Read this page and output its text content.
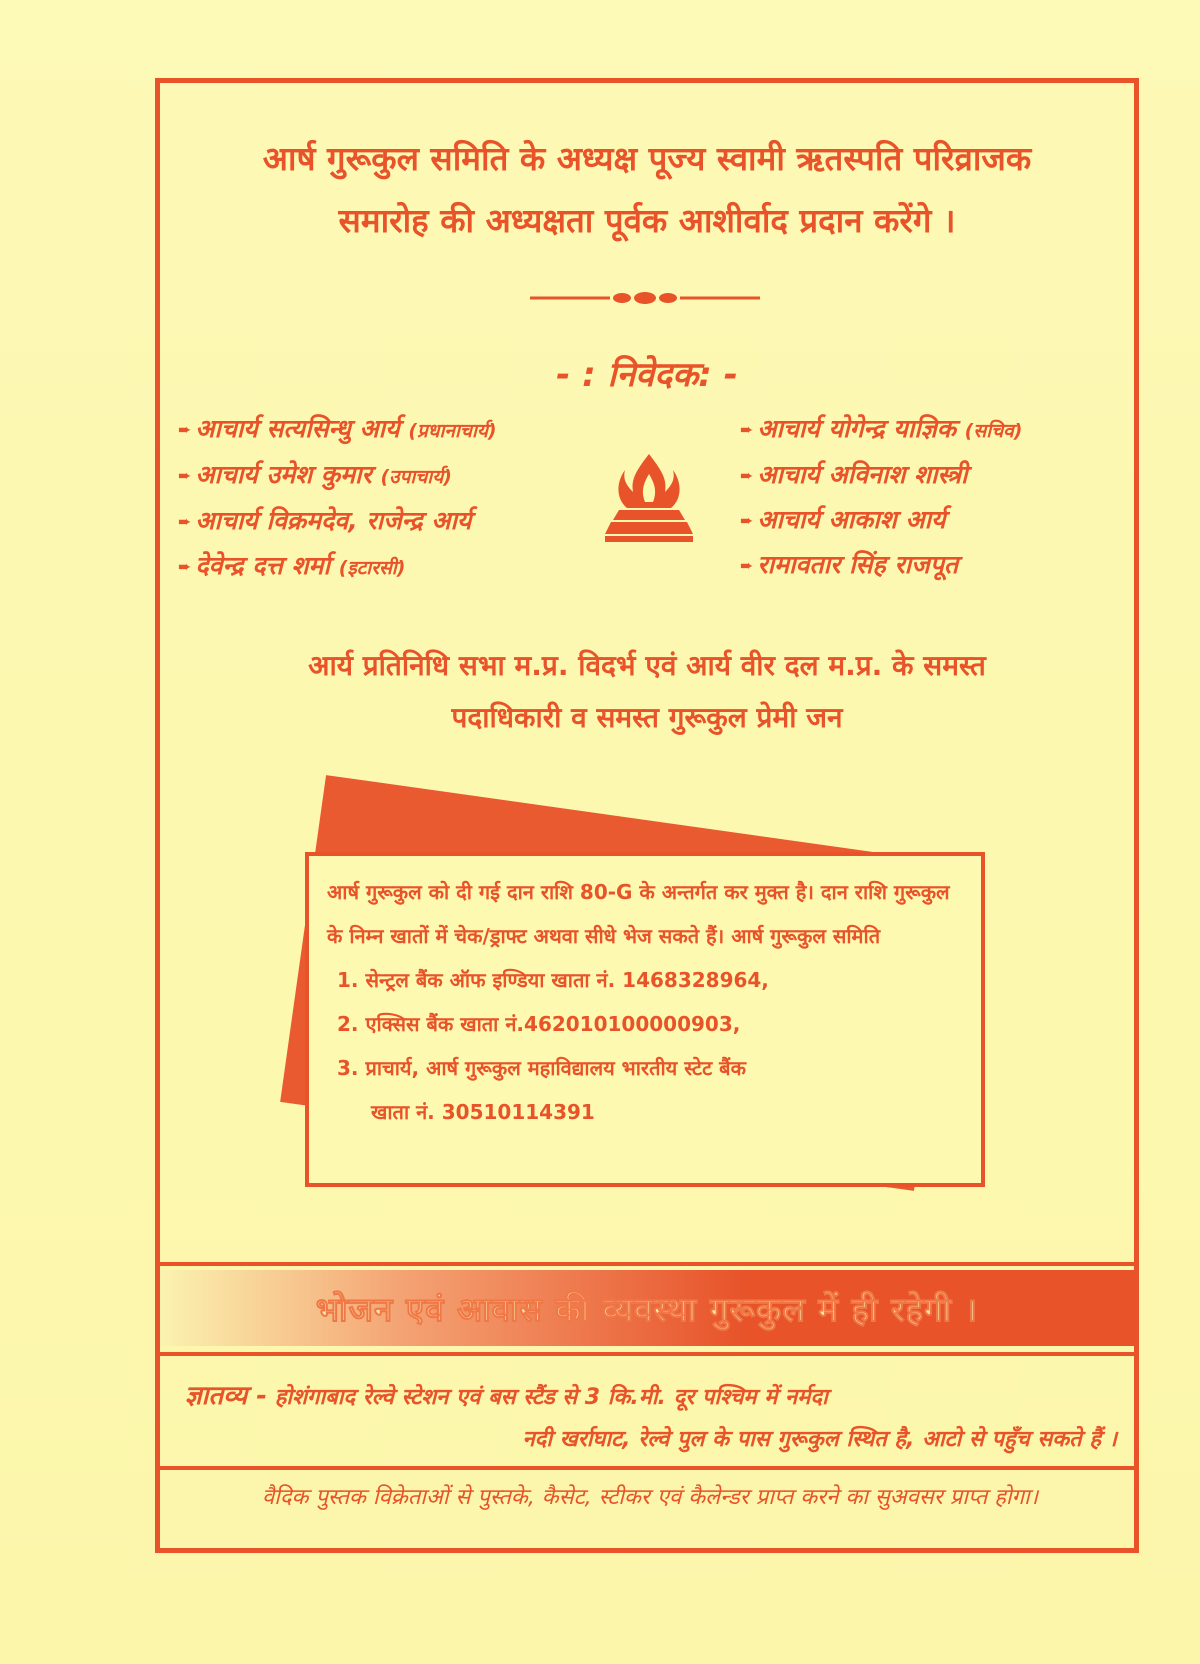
आर्ष गुरूकुल समिति के अध्यक्ष पूज्य स्वामी ऋतस्पति परिव्राजक
समारोह की अध्यक्षता पूर्वक आशीर्वाद प्रदान करेंगे ।
- : निवेदक: -
➨ आचार्य सत्यसिन्धु आर्य (प्रधानाचार्य)
➨ आचार्य उमेश कुमार (उपाचार्य)
➨ आचार्य विक्रमदेव, राजेन्द्र आर्य
➨ देवेन्द्र दत्त शर्मा (इटारसी)
➨ आचार्य योगेन्द्र याज्ञिक (सचिव)
➨ आचार्य अविनाश शास्त्री
➨ आचार्य आकाश आर्य
➨ रामावतार सिंह राजपूत
आर्य प्रतिनिधि सभा म.प्र. विदर्भ एवं आर्य वीर दल म.प्र. के समस्त
पदाधिकारी व समस्त गुरूकुल प्रेमी जन

आर्ष गुरूकुल को दी गई दान राशि 80-G के अन्तर्गत कर मुक्त है। दान राशि गुरूकुल के निम्न खातों में चेक/ड्राफ्ट अथवा सीधे भेज सकते हैं। आर्ष गुरूकुल समिति

1. सेन्ट्रल बैंक ऑफ इण्डिया खाता नं. 1468328964,

2. एक्सिस बैंक खाता नं.462010100000903,

3. प्राचार्य, आर्ष गुरूकुल महाविद्यालय भारतीय स्टेट बैंक

खाता नं. 30510114391

भोजन एवं आवास की व्यवस्था गुरूकुल में ही रहेगी ।
ज्ञातव्य - होशंगाबाद रेल्वे स्टेशन एवं बस स्टैंड से 3 कि.मी. दूर पश्चिम में नर्मदा
नदी खर्राघाट, रेल्वे पुल के पास गुरूकुल स्थित है, आटो से पहुँच सकते हैं ।
वैदिक पुस्तक विक्रेताओं से पुस्तके, कैसेट, स्टीकर एवं कैलेन्डर प्राप्त करने का सुअवसर प्राप्त होगा।
